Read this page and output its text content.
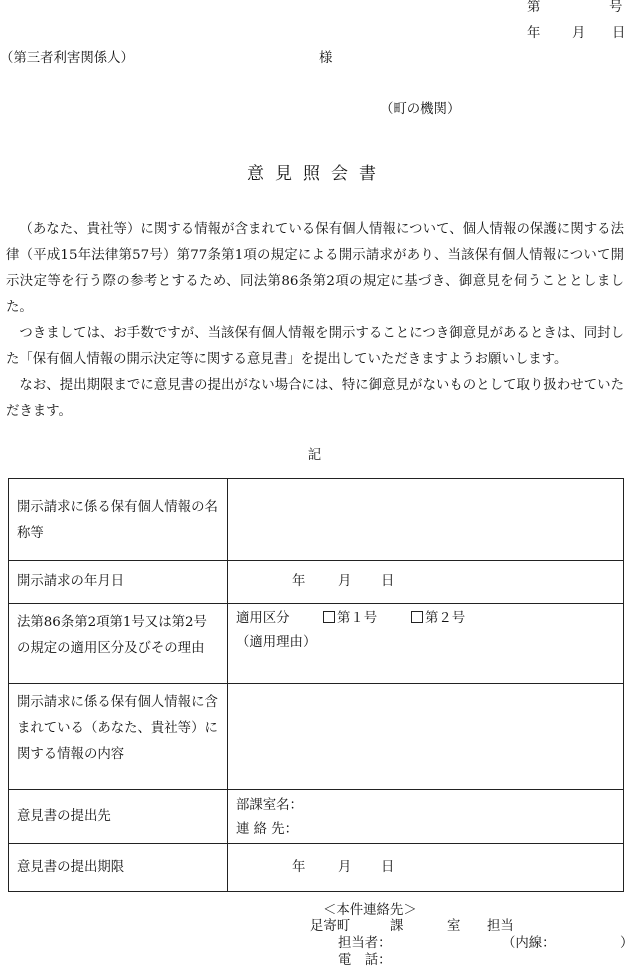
第	号
年 月 日
（第三者利害関係人）	様
（町の機関）
意見照会書

（あなた、貴社等）に関する情報が含まれている保有個人情報について、個人情報の保護に関する法律（平成15年法律第57号）第77条第1項の規定による開示請求があり、当該保有個人情報について開示決定等を行う際の参考とするため、同法第86条第2項の規定に基づき、御意見を伺うこととしました。

つきましては、お手数ですが、当該保有個人情報を開示することにつき御意見があるときは、同封した「保有個人情報の開示決定等に関する意見書」を提出していただきますようお願いします。

なお、提出期限までに意見書の提出がない場合には、特に御意見がないものとして取り扱わせていただきます。

記
開示請求に係る保有個人情報の名称等	
開示請求の年月日	年 月 日

法第86条第2項第1号又は第2号の規定の適用区分及びその理由	適用区分 第１号 第２号
（適用理由）

開示請求に係る保有個人情報に含まれている（あなた、貴社等）に関する情報の内容	
意見書の提出先	部課室名：
連 絡 先：

意見書の提出期限	年 月 日
＜本件連絡先＞
足寄町	課	室 担当
担当者：	（内線：	）
電　話：
